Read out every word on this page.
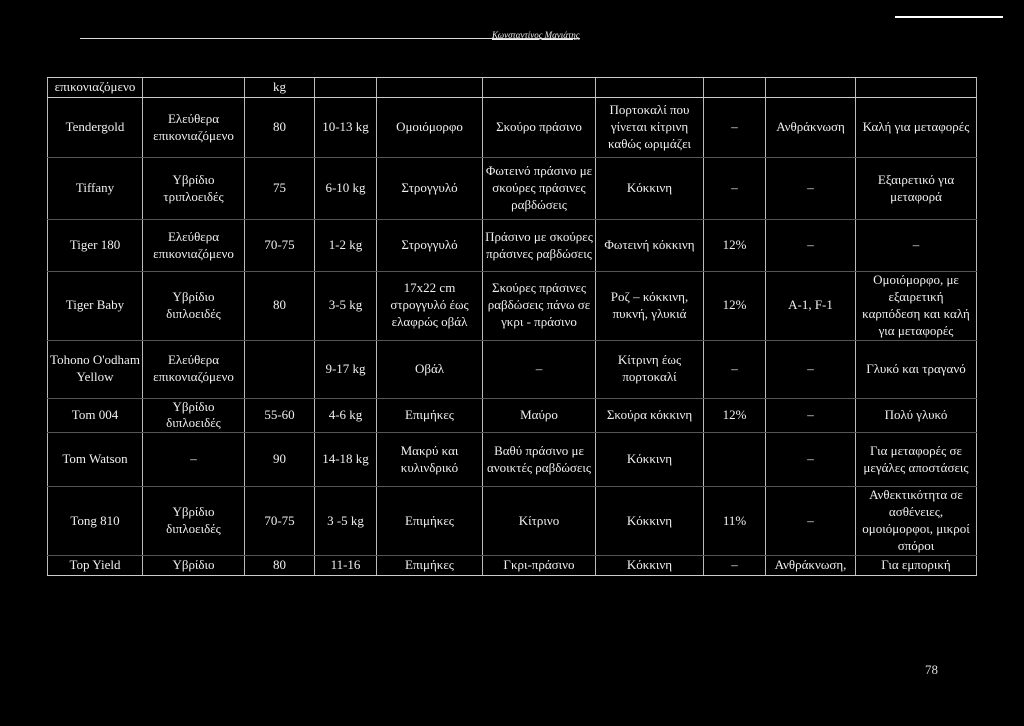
Κωνσταντίνος Μανιάτης
επικονιαζόμενο		kg							
Tendergold	Ελεύθερα επικονιαζόμενο	80	10-13 kg	Ομοιόμορφο	Σκούρο πράσινο	Πορτοκαλί που γίνεται κίτρινη καθώς ωριμάζει	–	Ανθράκνωση	Καλή για μεταφορές
Tiffany	Υβρίδιο τριπλοειδές	75	6-10 kg	Στρογγυλό	Φωτεινό πράσινο με σκούρες πράσινες ραβδώσεις	Κόκκινη	–	–	Εξαιρετικό για μεταφορά
Tiger 180	Ελεύθερα επικονιαζόμενο	70-75	1-2 kg	Στρογγυλό	Πράσινο με σκούρες πράσινες ραβδώσεις	Φωτεινή κόκκινη	12%	–	–
Tiger Baby	Υβρίδιο διπλοειδές	80	3-5 kg	17x22 cm στρογγυλό έως ελαφρώς οβάλ	Σκούρες πράσινες ραβδώσεις πάνω σε γκρι - πράσινο	Ροζ – κόκκινη, πυκνή, γλυκιά	12%	A-1, F-1	Ομοιόμορφο, με εξαιρετική καρπόδεση και καλή για μεταφορές
Tohono O'odham Yellow	Ελεύθερα επικονιαζόμενο		9-17 kg	Οβάλ	–	Κίτρινη έως πορτοκαλί	–	–	Γλυκό και τραγανό
Tom 004	Υβρίδιο διπλοειδές	55-60	4-6 kg	Επιμήκες	Μαύρο	Σκούρα κόκκινη	12%	–	Πολύ γλυκό
Tom Watson	–	90	14-18 kg	Μακρύ και κυλινδρικό	Βαθύ πράσινο με ανοικτές ραβδώσεις	Κόκκινη		–	Για μεταφορές σε μεγάλες αποστάσεις
Tong 810	Υβρίδιο διπλοειδές	70-75	3 -5 kg	Επιμήκες	Κίτρινο	Κόκκινη	11%	–	Ανθεκτικότητα σε ασθένειες, ομοιόμορφοι, μικροί σπόροι
Top Yield	Υβρίδιο	80	11-16	Επιμήκες	Γκρι-πράσινο	Κόκκινη	–	Ανθράκνωση,	Για εμπορική
78
